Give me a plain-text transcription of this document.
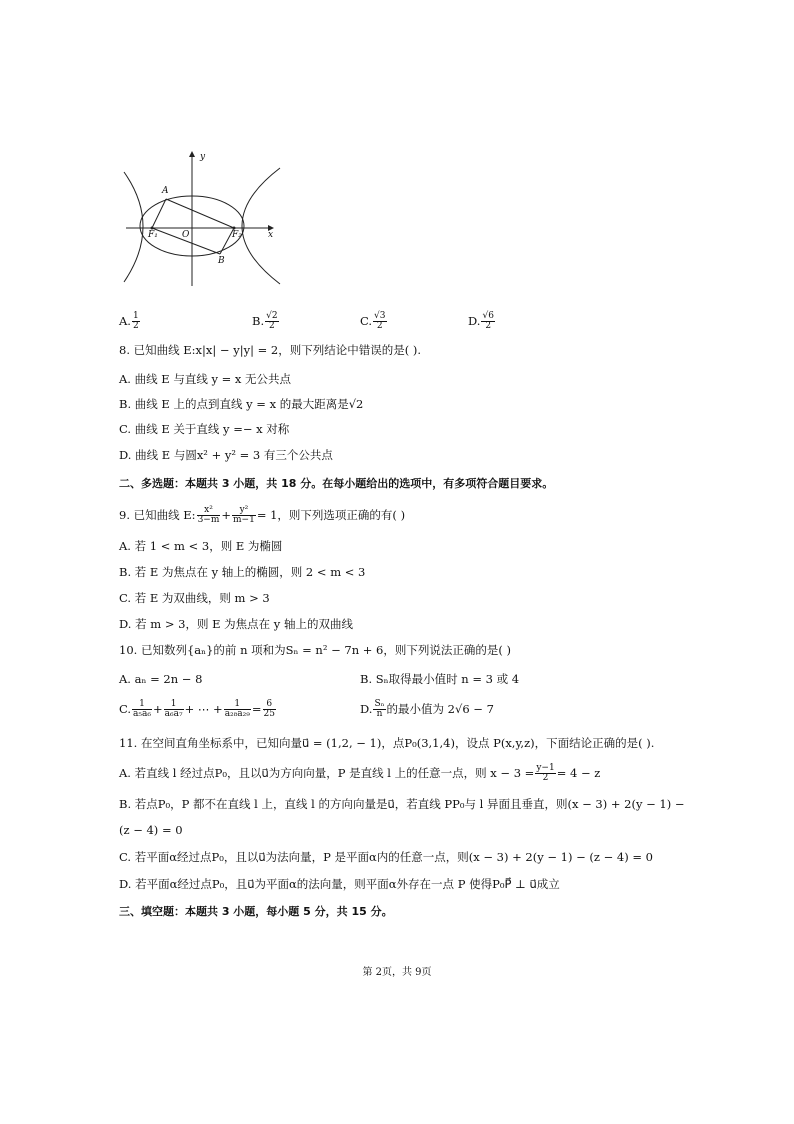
y
x
A
B
F₁	O	F₂
A. $\frac{1}{2}$	B. $\frac{√2}{2}$	C. $\frac{√3}{2}$	D. $\frac{√6}{2}$
8. 已知曲线 E:x|x| − y|y| = 2，则下列结论中错误的是( ).
A. 曲线 E 与直线 y = x 无公共点
B. 曲线 E 上的点到直线 y = x 的最大距离是√2
C. 曲线 E 关于直线 y =− x 对称
D. 曲线 E 与圆x² + y² = 3 有三个公共点
二、多选题：本题共 3 小题，共 18 分。在每小题给出的选项中，有多项符合题目要求。
9. 已知曲线 E: $\frac{\text{x²}}{3-m} + \frac{\text{y²}}{m-1} = 1$，则下列选项正确的有( )
A. 若 1 < m < 3，则 E 为椭圆
B. 若 E 为焦点在 y 轴上的椭圆，则 2 < m < 3
C. 若 E 为双曲线，则 m > 3
D. 若 m > 3，则 E 为焦点在 y 轴上的双曲线
10. 已知数列{aₙ}的前 n 项和为Sₙ = n² − 7n + 6，则下列说法正确的是( )
A. aₙ = 2n − 8	B. Sₙ取得最小值时 n = 3 或 4
C. $\frac{1}{\text{a₅a₆}} + \frac{1}{\text{a₆a₇}}$ + ⋯ + $\frac{1}{\text{a₂₈a₂₉}} = \frac{6}{25}$	D. $\frac{\text{Sₙ}}{n}$ 的最小值为 2√6 − 7
11. 在空间直角坐标系中，已知向量u⃗ = (1,2, − 1)，点P₀(3,1,4)，设点 P(x,y,z)，下面结论正确的是( ).
A. 若直线 l 经过点P₀，且以u⃗为方向向量，P 是直线 l 上的任意一点，则 $x - 3 = \frac{y-1}{2} = 4 - z$
B. 若点P₀，P 都不在直线 l 上，直线 l 的方向向量是u⃗，若直线 PP₀与 l 异面且垂直，则(x − 3) + 2(y − 1) −
(z − 4) = 0
C. 若平面α经过点P₀，且以u⃗为法向量，P 是平面α内的任意一点，则(x − 3) + 2(y − 1) − (z − 4) = 0
D. 若平面α经过点P₀，且u⃗为平面α的法向量，则平面α外存在一点 P 使得P₀P⃗ ⊥ u⃗成立
三、填空题：本题共 3 小题，每小题 5 分，共 15 分。
第 2页，共 9页
